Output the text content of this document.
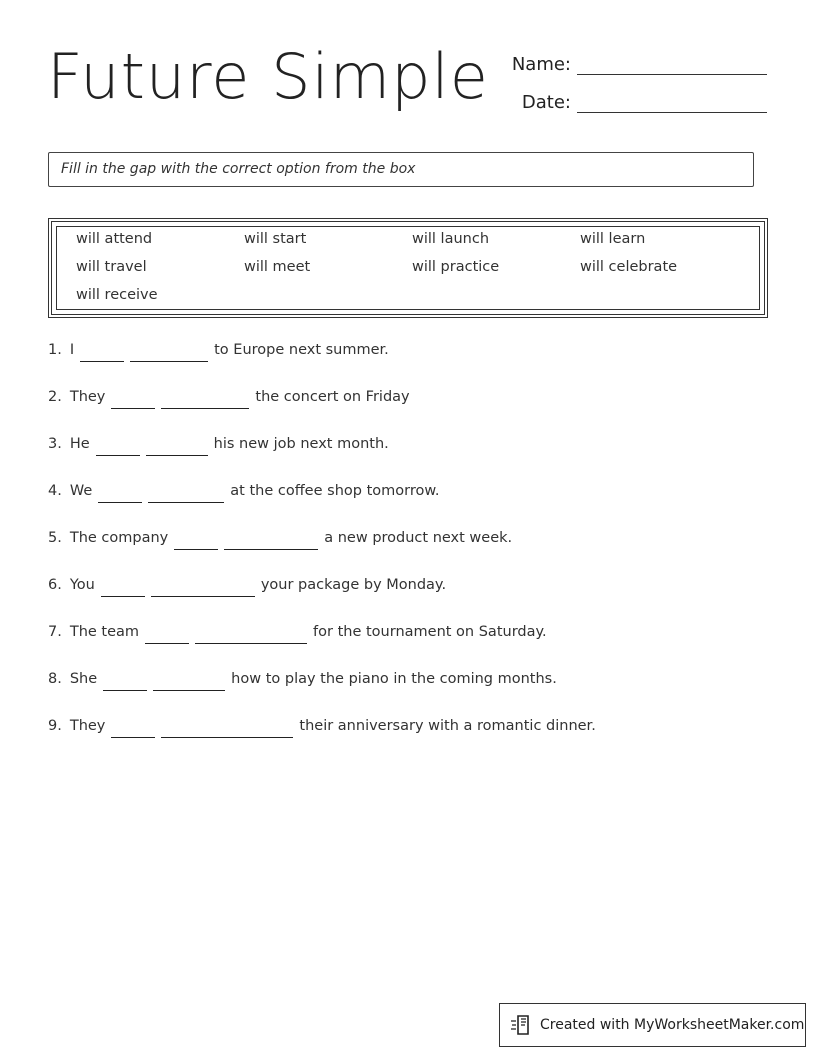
Future Simple	Name:
Date:
Fill in the gap with the correct option from the box
will attend	will start	will launch	will learn
will travel	will meet	will practice	will celebrate
will receive
1. I	to Europe next summer.
2. They	the concert on Friday
3. He	his new job next month.
4. We	at the coffee shop tomorrow.
5. The company	a new product next week.
6. You	your package by Monday.
7. The team	for the tournament on Saturday.
8. She	how to play the piano in the coming months.
9. They	their anniversary with a romantic dinner.
Created with MyWorksheetMaker.com
